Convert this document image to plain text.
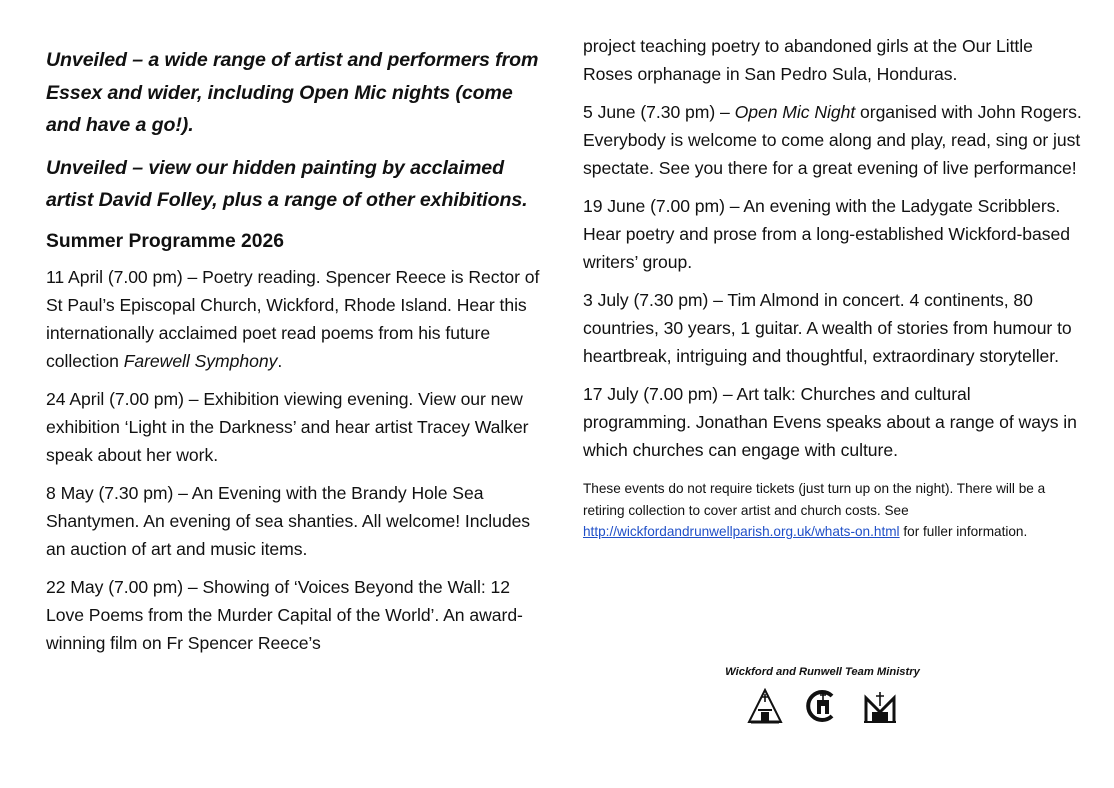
Unveiled – a wide range of artist and performers from Essex and wider, including Open Mic nights (come and have a go!).

Unveiled – view our hidden painting by acclaimed artist David Folley, plus a range of other exhibitions.

Summer Programme 2026

11 April (7.00 pm) – Poetry reading. Spencer Reece is Rector of St Paul’s Episcopal Church, Wickford, Rhode Island. Hear this internationally acclaimed poet read poems from his future collection Farewell Symphony.

24 April (7.00 pm) – Exhibition viewing evening. View our new exhibition ‘Light in the Darkness’ and hear artist Tracey Walker speak about her work.

8 May (7.30 pm) – An Evening with the Brandy Hole Sea Shantymen. An evening of sea shanties. All welcome! Includes an auction of art and music items.

22 May (7.00 pm) – Showing of ‘Voices Beyond the Wall: 12 Love Poems from the Murder Capital of the World’. An award-winning film on Fr Spencer Reece’s

project teaching poetry to abandoned girls at the Our Little Roses orphanage in San Pedro Sula, Honduras.

5 June (7.30 pm) – Open Mic Night organised with John Rogers. Everybody is welcome to come along and play, read, sing or just spectate. See you there for a great evening of live performance!

19 June (7.00 pm) – An evening with the Ladygate Scribblers. Hear poetry and prose from a long-established Wickford-based writers’ group.

3 July (7.30 pm) – Tim Almond in concert. 4 continents, 80 countries, 30 years, 1 guitar. A wealth of stories from humour to heartbreak, intriguing and thoughtful, extraordinary storyteller.

17 July (7.00 pm) – Art talk: Churches and cultural programming. Jonathan Evens speaks about a range of ways in which churches can engage with culture.

These events do not require tickets (just turn up on the night). There will be a retiring collection to cover artist and church costs. See http://wickfordandrunwellparish.org.uk/whats-on.html for fuller information.

Wickford and Runwell Team Ministry
